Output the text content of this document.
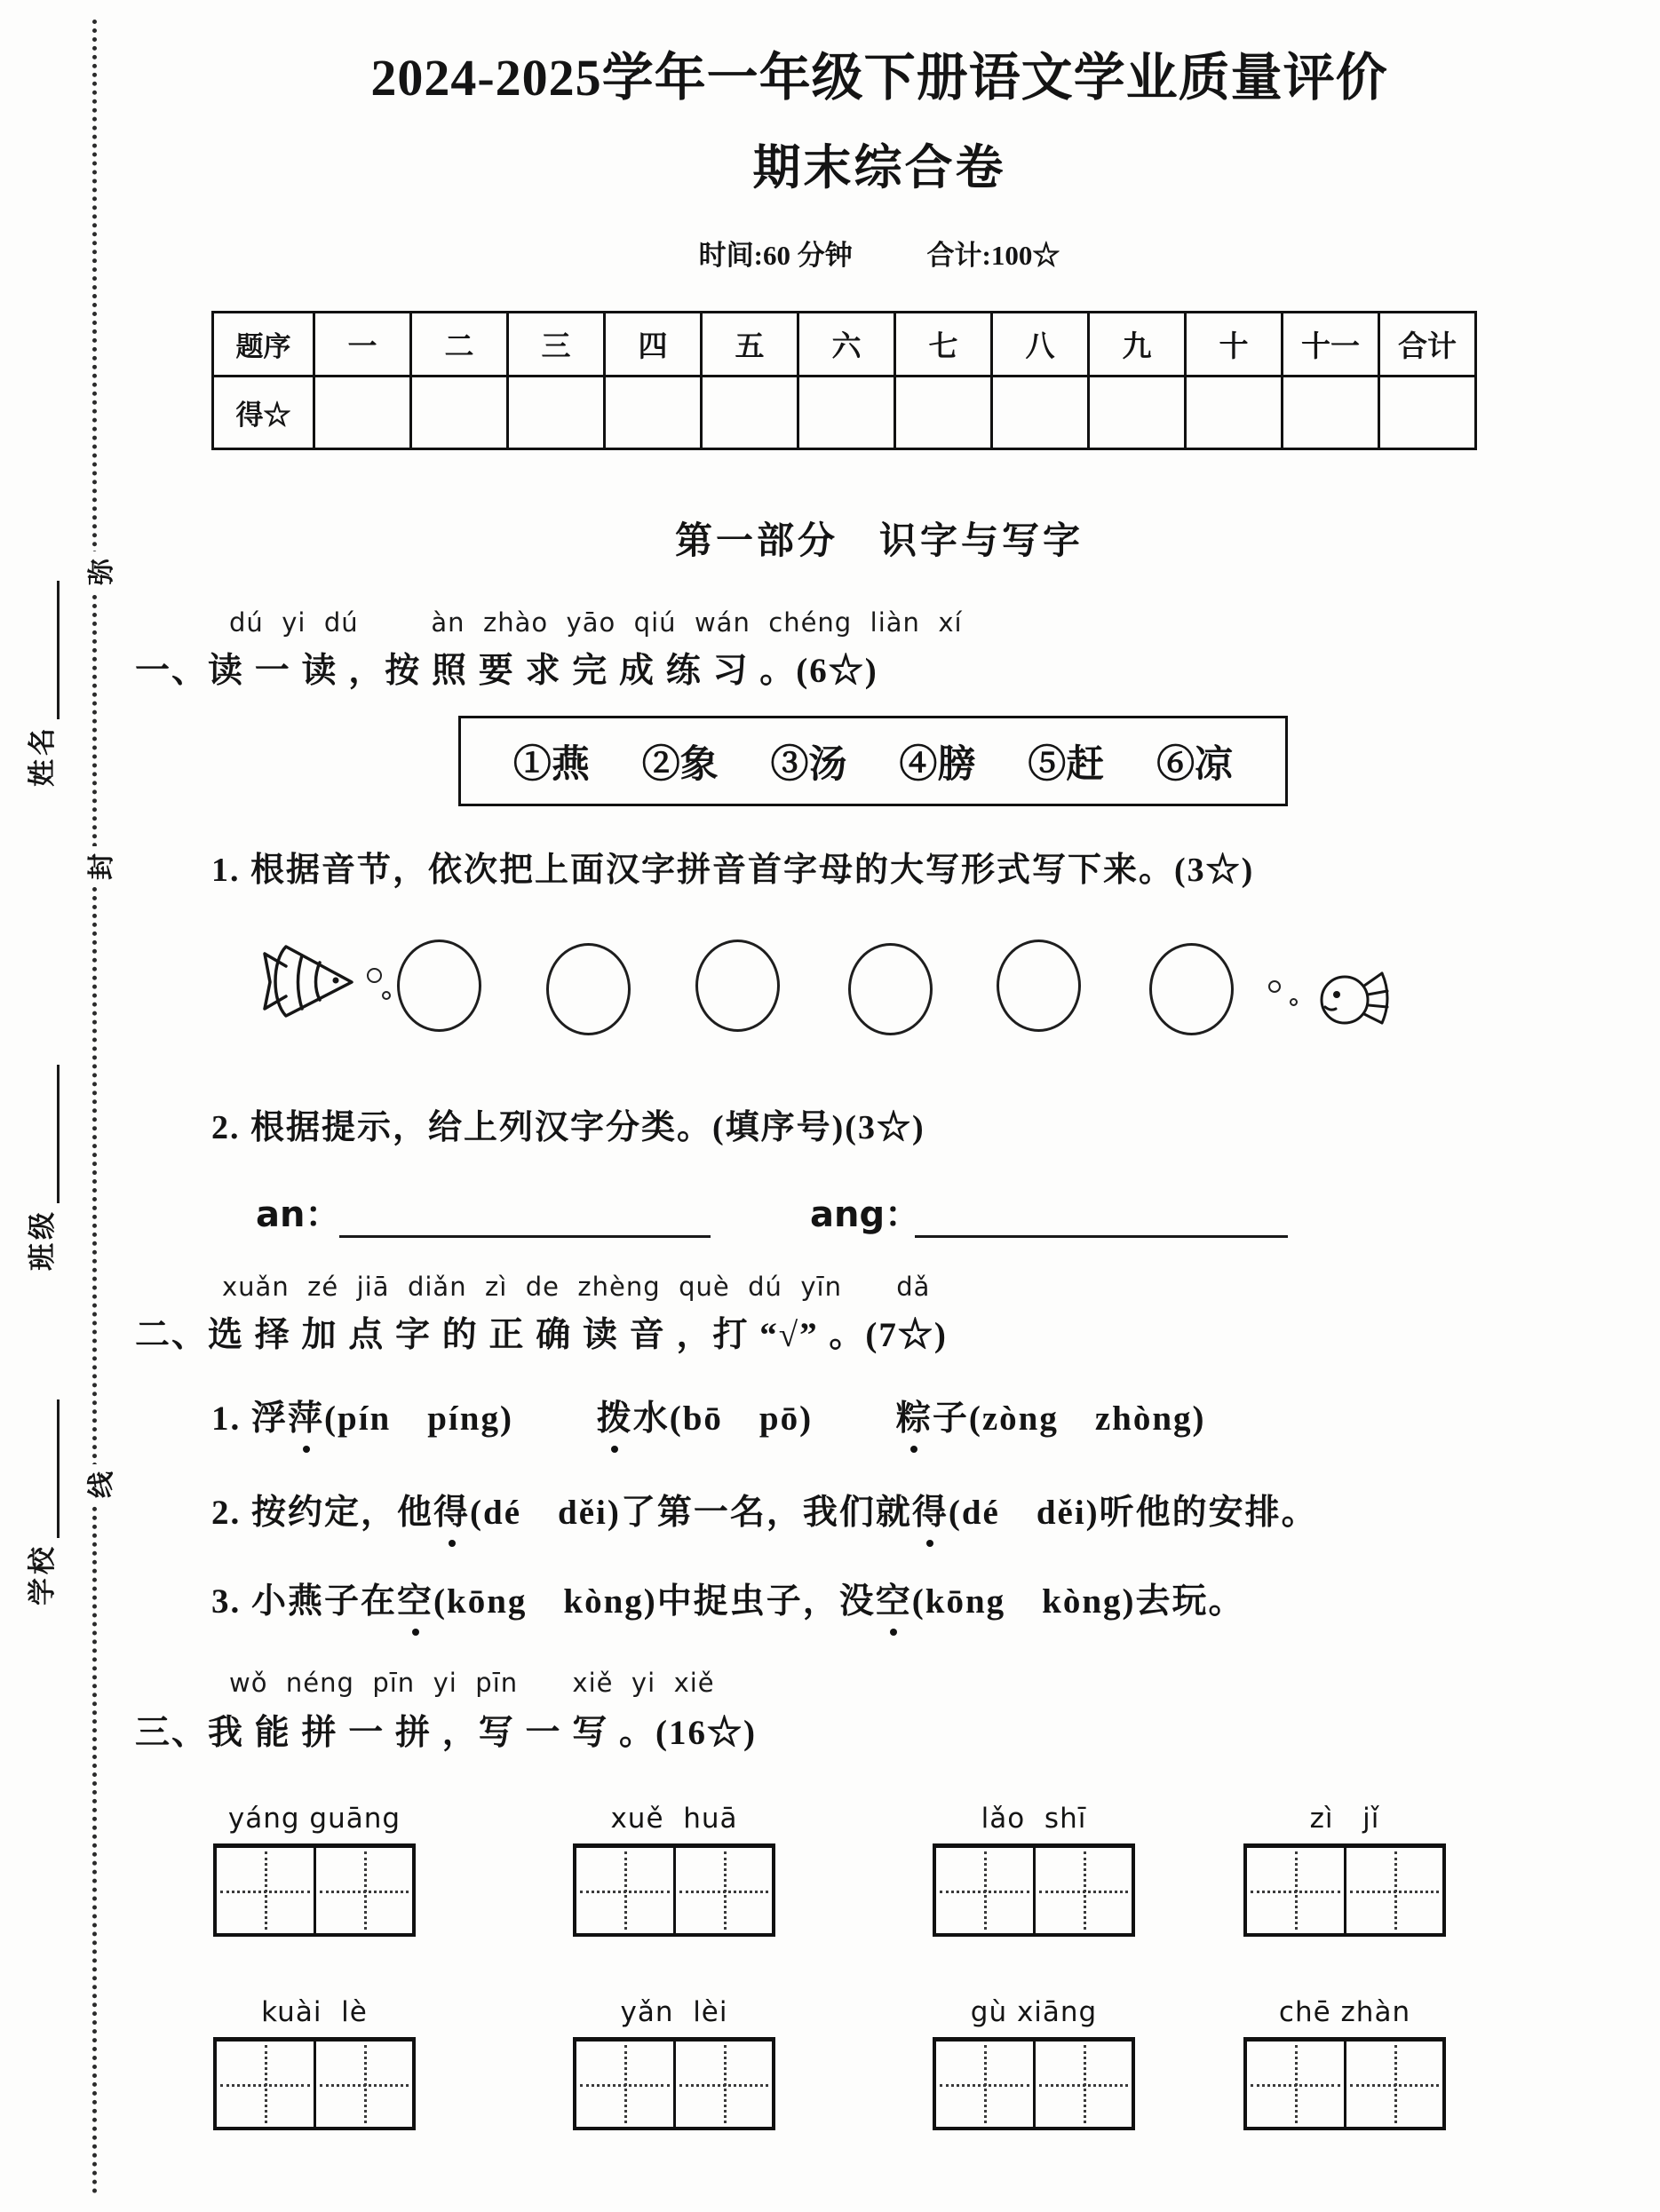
弥
封
线
姓名
班级
学校
2024-2025学年一年级下册语文学业质量评价
期末综合卷
时间:60 分钟	合计:100☆
题序	一	二	三	四	五	六	七	八	九	十	十一	合计
得☆												
第一部分　识字与写字
dú  yi  dú        àn  zhào  yāo  qiú  wán  chéng  liàn  xí
一、读 一 读 ，按 照 要 求 完 成 练 习 。(6☆)
①燕 ②象 ③汤 ④膀 ⑤赶 ⑥凉
1. 根据音节，依次把上面汉字拼音首字母的大写形式写下来。(3☆)
2. 根据提示，给上列汉字分类。(填序号)(3☆)
an：	ang：
xuǎn  zé  jiā  diǎn  zì  de  zhèng  què  dú  yīn      dǎ
二、选 择 加 点 字 的 正 确 读 音 ，打 “√” 。(7☆)
1. 浮萍(pín　píng)　　 拨水(bō　pō)　　 粽子(zòng　zhòng)
2. 按约定，他得(dé　děi)了第一名，我们就得(dé　děi)听他的安排。
3. 小燕子在空(kōng　kòng)中捉虫子，没空(kōng　kòng)去玩。
wǒ  néng  pīn  yi  pīn      xiě  yi  xiě
三、我 能 拼 一 拼 ，写 一 写 。(16☆)
yáng guāng	xuě  huā	lǎo  shī	zì   jǐ
kuài  lè	yǎn  lèi	gù xiāng	chē zhàn
